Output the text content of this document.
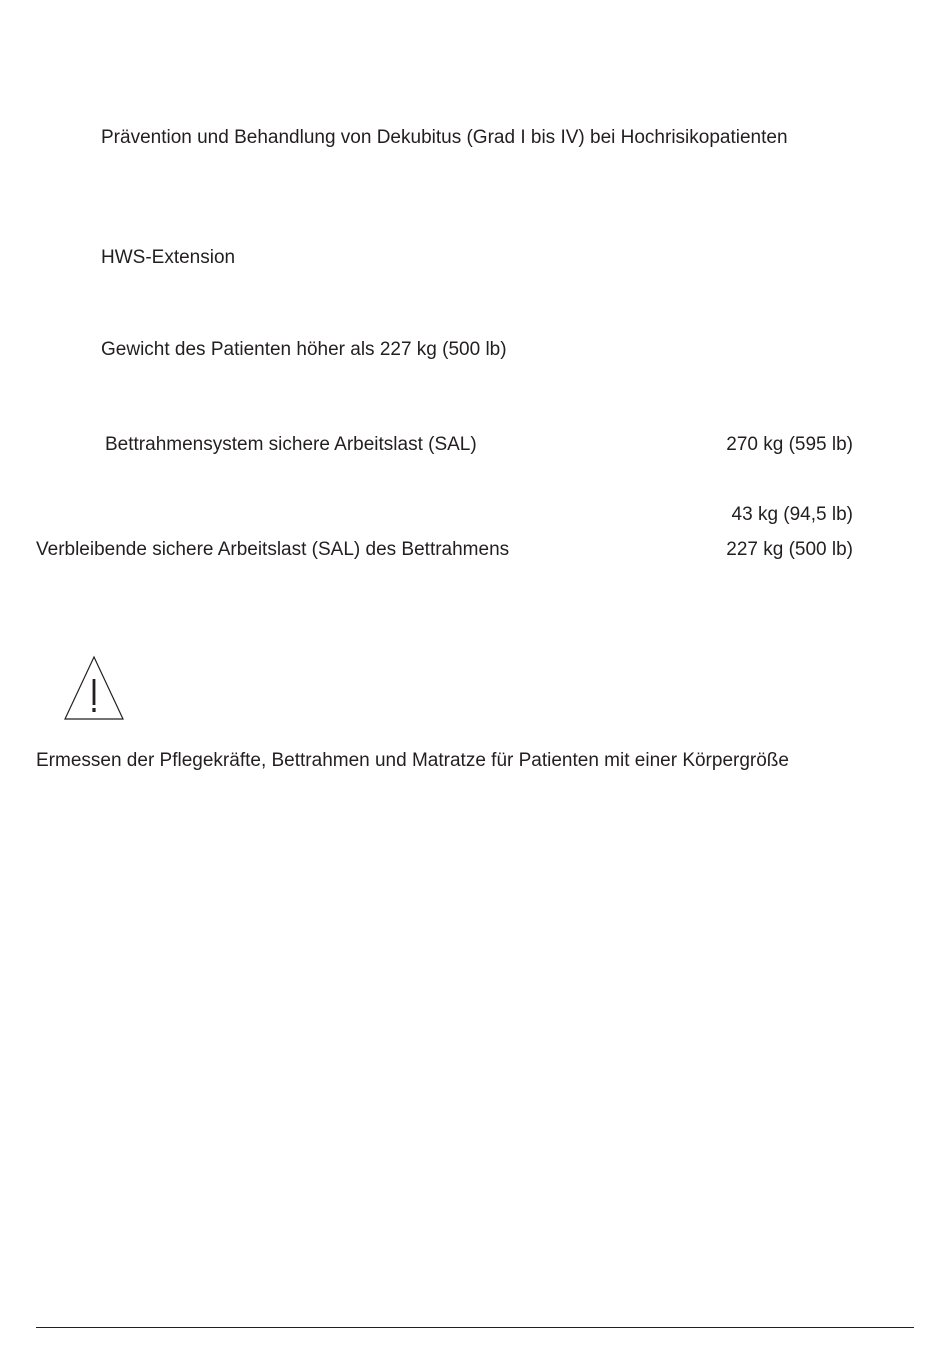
Prävention und Behandlung von Dekubitus (Grad I bis IV) bei Hochrisikopatienten
HWS-Extension
Gewicht des Patienten höher als 227 kg (500 lb)
Bettrahmensystem sichere Arbeitslast (SAL)	270 kg (595 lb)
43 kg (94,5 lb)
Verbleibende sichere Arbeitslast (SAL) des Bettrahmens	227 kg (500 lb)
Ermessen der Pflegekräfte, Bettrahmen und Matratze für Patienten mit einer Körpergröße
